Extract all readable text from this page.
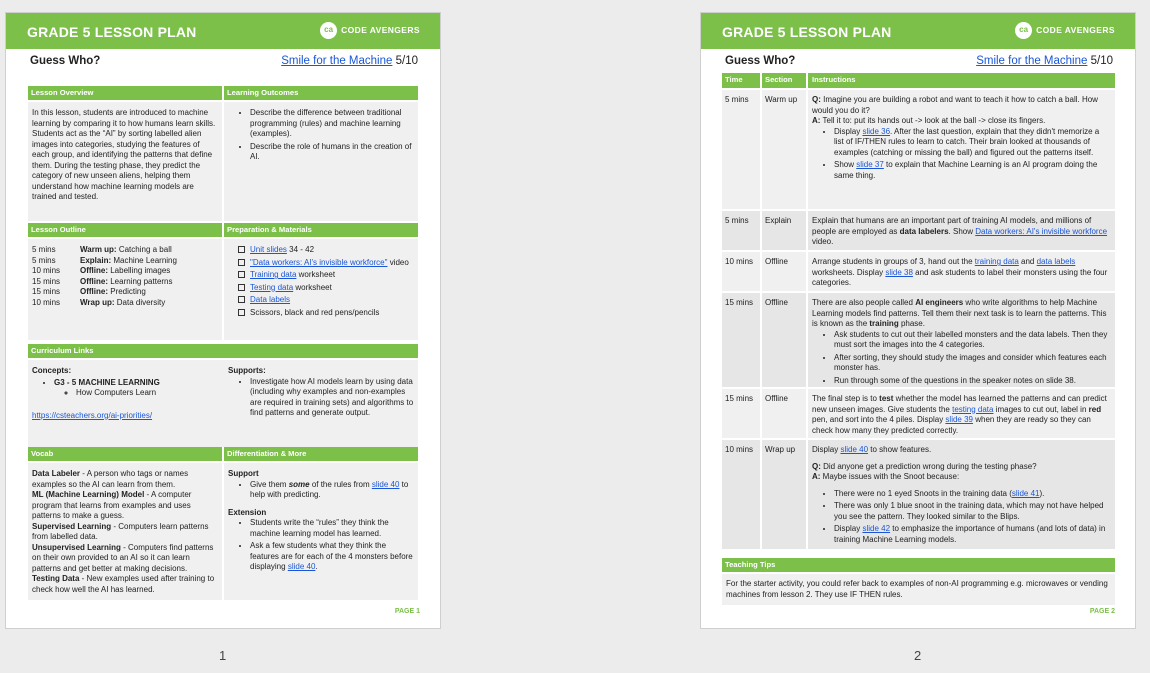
GRADE 5 LESSON PLAN	ca CODE AVENGERS
Guess Who?	Smile for the Machine 5/10
Lesson Overview	Learning Outcomes
In this lesson, students are introduced to machine learning by comparing it to how humans learn skills. Students act as the “AI” by sorting labelled alien images into categories, studying the features of each group, and identifying the patterns that define them. During the testing phase, they predict the category of new unseen aliens, helping them understand how machine learning models are trained and tested.
• Describe the difference between traditional programming (rules) and machine learning (examples).
• Describe the role of humans in the creation of AI.
Lesson Outline	Preparation & Materials
5 mins	Warm up: Catching a ball
5 mins	Explain: Machine Learning
10 mins	Offline: Labelling images
15 mins	Offline: Learning patterns
15 mins	Offline: Predicting
10 mins	Wrap up: Data diversity
Unit slides 34 - 42
"Data workers: AI's invisible workforce" video
Training data worksheet
Testing data worksheet
Data labels
Scissors, black and red pens/pencils
Curriculum Links
Concepts:
• G3 - 5 MACHINE LEARNING
◦ How Computers Learn
https://csteachers.org/ai-priorities/
Supports:
• Investigate how AI models learn by using data (including why examples and non-examples are required in training sets) and algorithms to find patterns and generate output.
Vocab	Differentiation & More
Data Labeler - A person who tags or names examples so the AI can learn from them.
ML (Machine Learning) Model - A computer program that learns from examples and uses patterns to make a guess.
Supervised Learning - Computers learn patterns from labelled data.
Unsupervised Learning - Computers find patterns on their own provided to an AI so it can learn patterns and get better at making decisions.
Testing Data - New examples used after training to check how well the AI has learned.
Support
• Give them some of the rules from slide 40 to help with predicting.
Extension
• Students write the “rules” they think the machine learning model has learned.
• Ask a few students what they think the features are for each of the 4 monsters before displaying slide 40.
PAGE 1
1
GRADE 5 LESSON PLAN	ca CODE AVENGERS
Guess Who?	Smile for the Machine 5/10
Time	Section	Instructions
5 mins	Warm up	Q: Imagine you are building a robot and want to teach it how to catch a ball. How would you do it?
A: Tell it to: put its hands out -> look at the ball -> close its fingers.
• Display slide 36. After the last question, explain that they didn't memorize a list of IF/THEN rules to learn to catch. Their brain looked at thousands of examples (catching or missing the ball) and figured out the patterns itself.
• Show slide 37 to explain that Machine Learning is an AI program doing the same thing.
5 mins	Explain	Explain that humans are an important part of training AI models, and millions of people are employed as data labelers. Show Data workers: AI's invisible workforce video.
10 mins	Offline	Arrange students in groups of 3, hand out the training data and data labels worksheets. Display slide 38 and ask students to label their monsters using the four categories.
15 mins	Offline	There are also people called AI engineers who write algorithms to help Machine Learning models find patterns. Tell them their next task is to learn the patterns. This is known as the training phase.
• Ask students to cut out their labelled monsters and the data labels. Then they must sort the images into the 4 categories.
• After sorting, they should study the images and consider which features each monster has.
• Run through some of the questions in the speaker notes on slide 38.
15 mins	Offline	The final step is to test whether the model has learned the patterns and can predict new unseen images. Give students the testing data images to cut out, label in red pen, and sort into the 4 piles. Display slide 39 when they are ready so they can check how many they predicted correctly.
10 mins	Wrap up	Display slide 40 to show features.
Q: Did anyone get a prediction wrong during the testing phase?
A: Maybe issues with the Snoot because:
• There were no 1 eyed Snoots in the training data (slide 41).
• There was only 1 blue snoot in the training data, which may not have helped you see the pattern. They looked similar to the Blips.
• Display slide 42 to emphasize the importance of humans (and lots of data) in training Machine Learning models.
Teaching Tips
For the starter activity, you could refer back to examples of non-AI programming e.g. microwaves or vending machines from lesson 2. They use IF THEN rules.
PAGE 2
2
